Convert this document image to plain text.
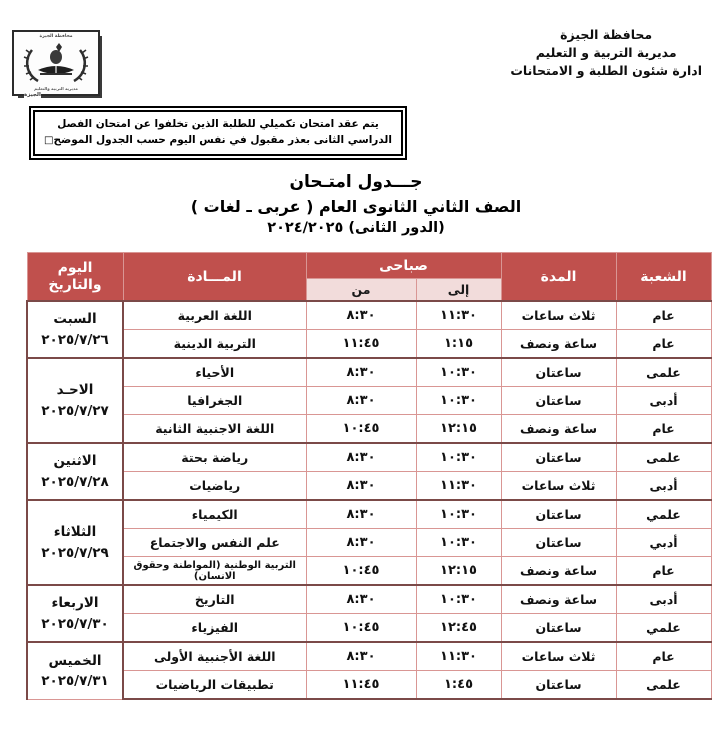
محافظة الجيزة
مديرية التربية والتعليم
الجيزة
محافظة الجيزة
مديرية التربية و التعليم
ادارة شئون الطلبة و الامتحانات

يتم عقد امتحان تكميلي للطلبة الذين تخلفوا عن امتحان الفصل
الدراسي الثانى بعذر مقبول في نفس اليوم حسب الجدول الموضح□

جـــدول امتـحان
الصف الثاني الثانوى العام ( عربى ـ لغات )
(الدور الثانى) ٢٠٢٤/٢٠٢٥
الشعبة	المدة	صباحى		المـــادة	اليوم
والتاريخ

		إلى	من		
عام	ثلاث ساعات	١١:٣٠	٨:٣٠	اللغة العربية	السبت
٢٠٢٥/٧/٢٦

عام	ساعة ونصف	١:١٥	١١:٤٥	التربية الدينية	
علمى	ساعتان	١٠:٣٠	٨:٣٠	الأحياء	الاحـد
٢٠٢٥/٧/٢٧

أدبى	ساعتان	١٠:٣٠	٨:٣٠	الجغرافيا	
عام	ساعة ونصف	١٢:١٥	١٠:٤٥	اللغة الاجنبية الثانية	
علمى	ساعتان	١٠:٣٠	٨:٣٠	رياضة بحتة	الاثنين
٢٠٢٥/٧/٢٨

أدبى	ثلاث ساعات	١١:٣٠	٨:٣٠	رياضيات	
علمي	ساعتان	١٠:٣٠	٨:٣٠	الكيمياء	الثلاثاء
٢٠٢٥/٧/٢٩

أدبي	ساعتان	١٠:٣٠	٨:٣٠	علم النفس والاجتماع	
عام	ساعة ونصف	١٢:١٥	١٠:٤٥	التربية الوطنية (المواطنة وحقوق الانسان)	
أدبى	ساعة ونصف	١٠:٣٠	٨:٣٠	التاريخ	الاربعاء
٢٠٢٥/٧/٣٠

علمي	ساعتان	١٢:٤٥	١٠:٤٥	الفيزياء	
عام	ثلاث ساعات	١١:٣٠	٨:٣٠	اللغة الأجنبية الأولى	الخميس
٢٠٢٥/٧/٣١

علمى	ساعتان	١:٤٥	١١:٤٥	تطبيقات الرياضيات	
